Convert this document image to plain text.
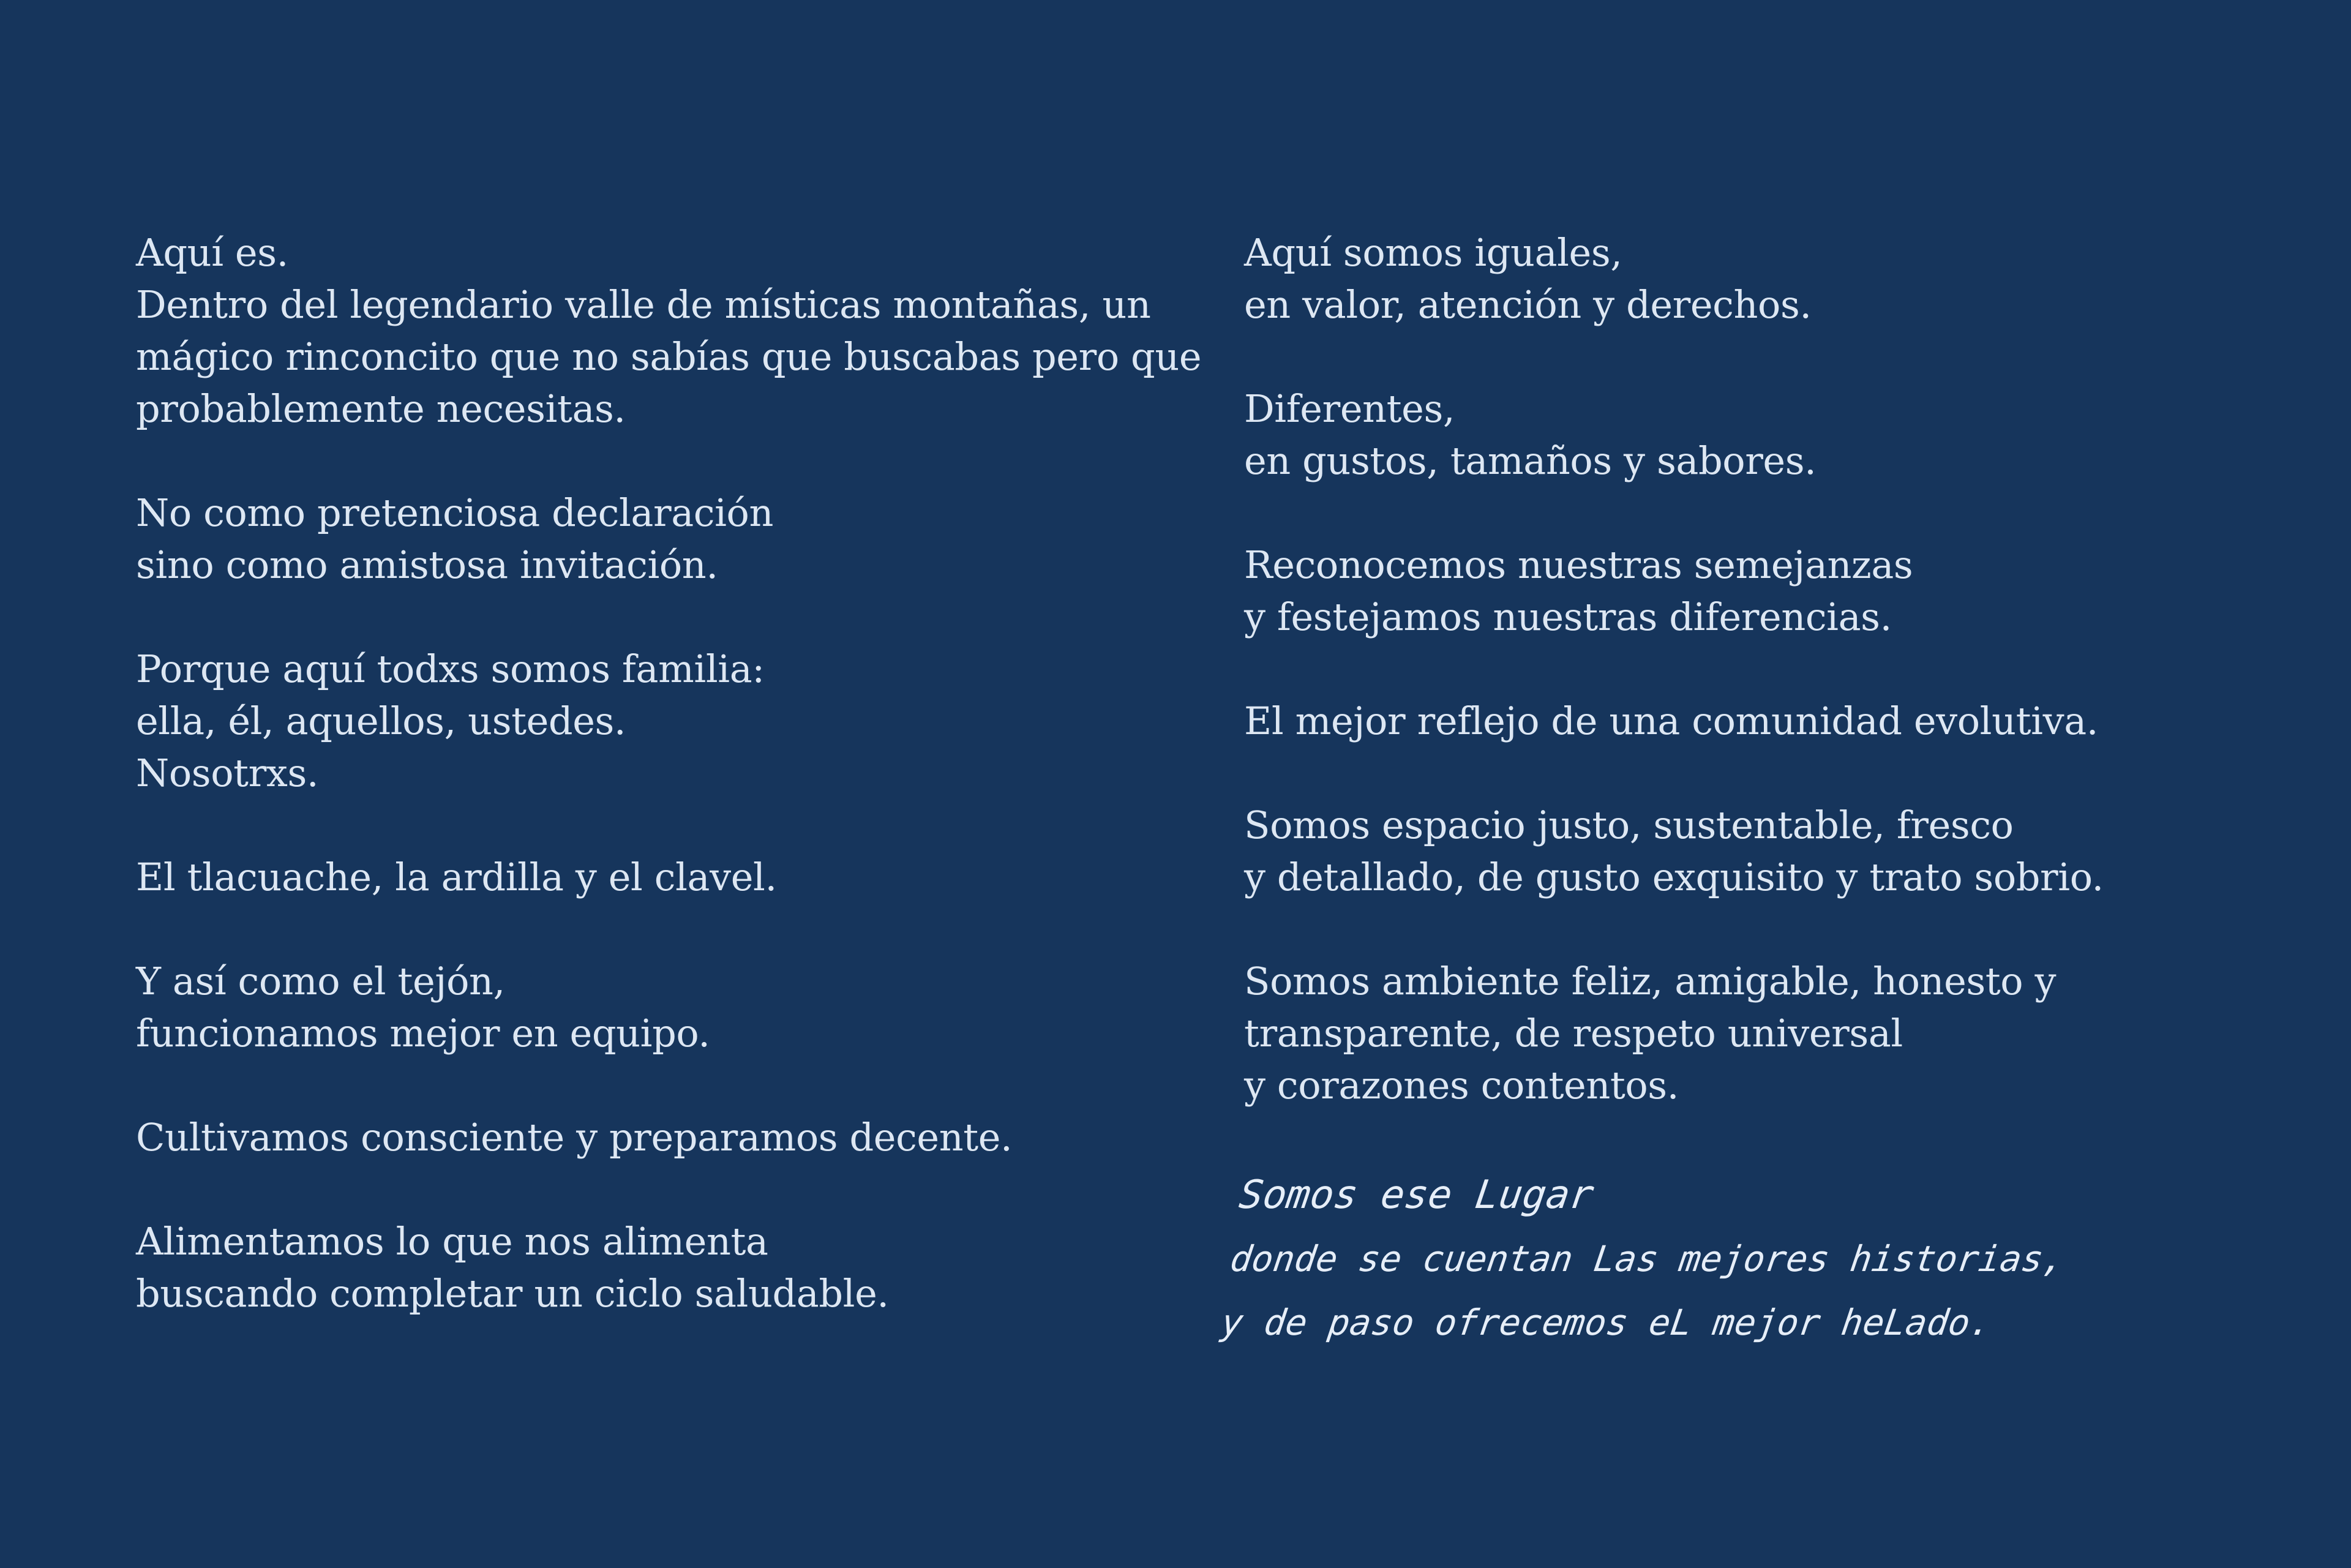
Aquí es.
Dentro del legendario valle de místicas montañas, un
mágico rinconcito que no sabías que buscabas pero que
probablemente necesitas.

No como pretenciosa declaración
sino como amistosa invitación.

Porque aquí todxs somos familia:
ella, él, aquellos, ustedes.
Nosotrxs.

El tlacuache, la ardilla y el clavel.

Y así como el tejón,
funcionamos mejor en equipo.

Cultivamos consciente y preparamos decente.

Alimentamos lo que nos alimenta
buscando completar un ciclo saludable.

Aquí somos iguales,
en valor, atención y derechos.

Diferentes,
en gustos, tamaños y sabores.

Reconocemos nuestras semejanzas
y festejamos nuestras diferencias.

El mejor reflejo de una comunidad evolutiva.

Somos espacio justo, sustentable, fresco
y detallado, de gusto exquisito y trato sobrio.

Somos ambiente feliz, amigable, honesto y
transparente, de respeto universal
y corazones contentos.

Somos ese Lugar
donde se cuentan Las mejores historias,
y de paso ofrecemos eL mejor heLado.
